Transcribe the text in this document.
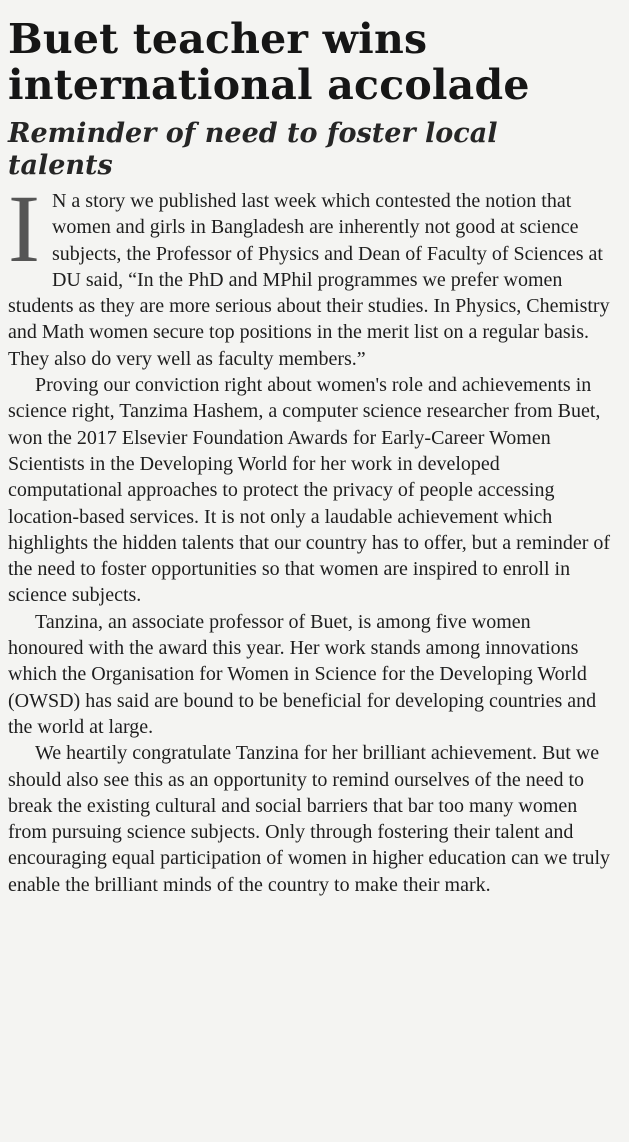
Buet teacher wins international accolade
Reminder of need to foster local talents

I N a story we published last week which contested the notion that women and girls in Bangladesh are inherently not good at science subjects, the Professor of Physics and Dean of Faculty of Sciences at DU said, “In the PhD and MPhil programmes we prefer women students as they are more serious about their studies. In Physics, Chemistry and Math women secure top positions in the merit list on a regular basis. They also do very well as faculty members.”

Proving our conviction right about women's role and achievements in science right, Tanzima Hashem, a computer science researcher from Buet, won the 2017 Elsevier Foundation Awards for Early-Career Women Scientists in the Developing World for her work in developed computational approaches to protect the privacy of people accessing location-based services. It is not only a laudable achievement which highlights the hidden talents that our country has to offer, but a reminder of the need to foster opportunities so that women are inspired to enroll in science subjects.

Tanzina, an associate professor of Buet, is among five women honoured with the award this year. Her work stands among innovations which the Organisation for Women in Science for the Developing World (OWSD) has said are bound to be beneficial for developing countries and the world at large.

We heartily congratulate Tanzina for her brilliant achievement. But we should also see this as an opportunity to remind ourselves of the need to break the existing cultural and social barriers that bar too many women from pursuing science subjects. Only through fostering their talent and encouraging equal participation of women in higher education can we truly enable the brilliant minds of the country to make their mark.
